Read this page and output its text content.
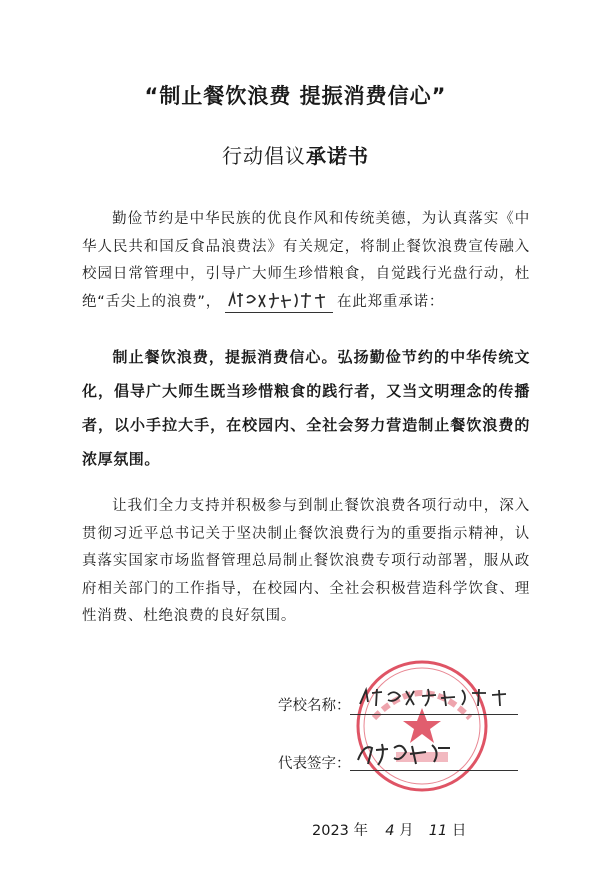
“制止餐饮浪费 提振消费信心”
行动倡议承诺书

勤俭节约是中华民族的优良作风和传统美德，为认真落实《中华人民共和国反食品浪费法》有关规定，将制止餐饮浪费宣传融入校园日常管理中，引导广大师生珍惜粮食，自觉践行光盘行动，杜绝“舌尖上的浪费”，	在此郑重承诺：

制止餐饮浪费，提振消费信心。弘扬勤俭节约的中华传统文化，倡导广大师生既当珍惜粮食的践行者，又当文明理念的传播者，以小手拉大手，在校园内、全社会努力营造制止餐饮浪费的浓厚氛围。

让我们全力支持并积极参与到制止餐饮浪费各项行动中，深入贯彻习近平总书记关于坚决制止餐饮浪费行为的重要指示精神，认真落实国家市场监督管理总局制止餐饮浪费专项行动部署，服从政府相关部门的工作指导，在校园内、全社会积极营造科学饮食、理性消费、杜绝浪费的良好氛围。

学校名称：
代表签字：
2023 年 4 月 11 日
